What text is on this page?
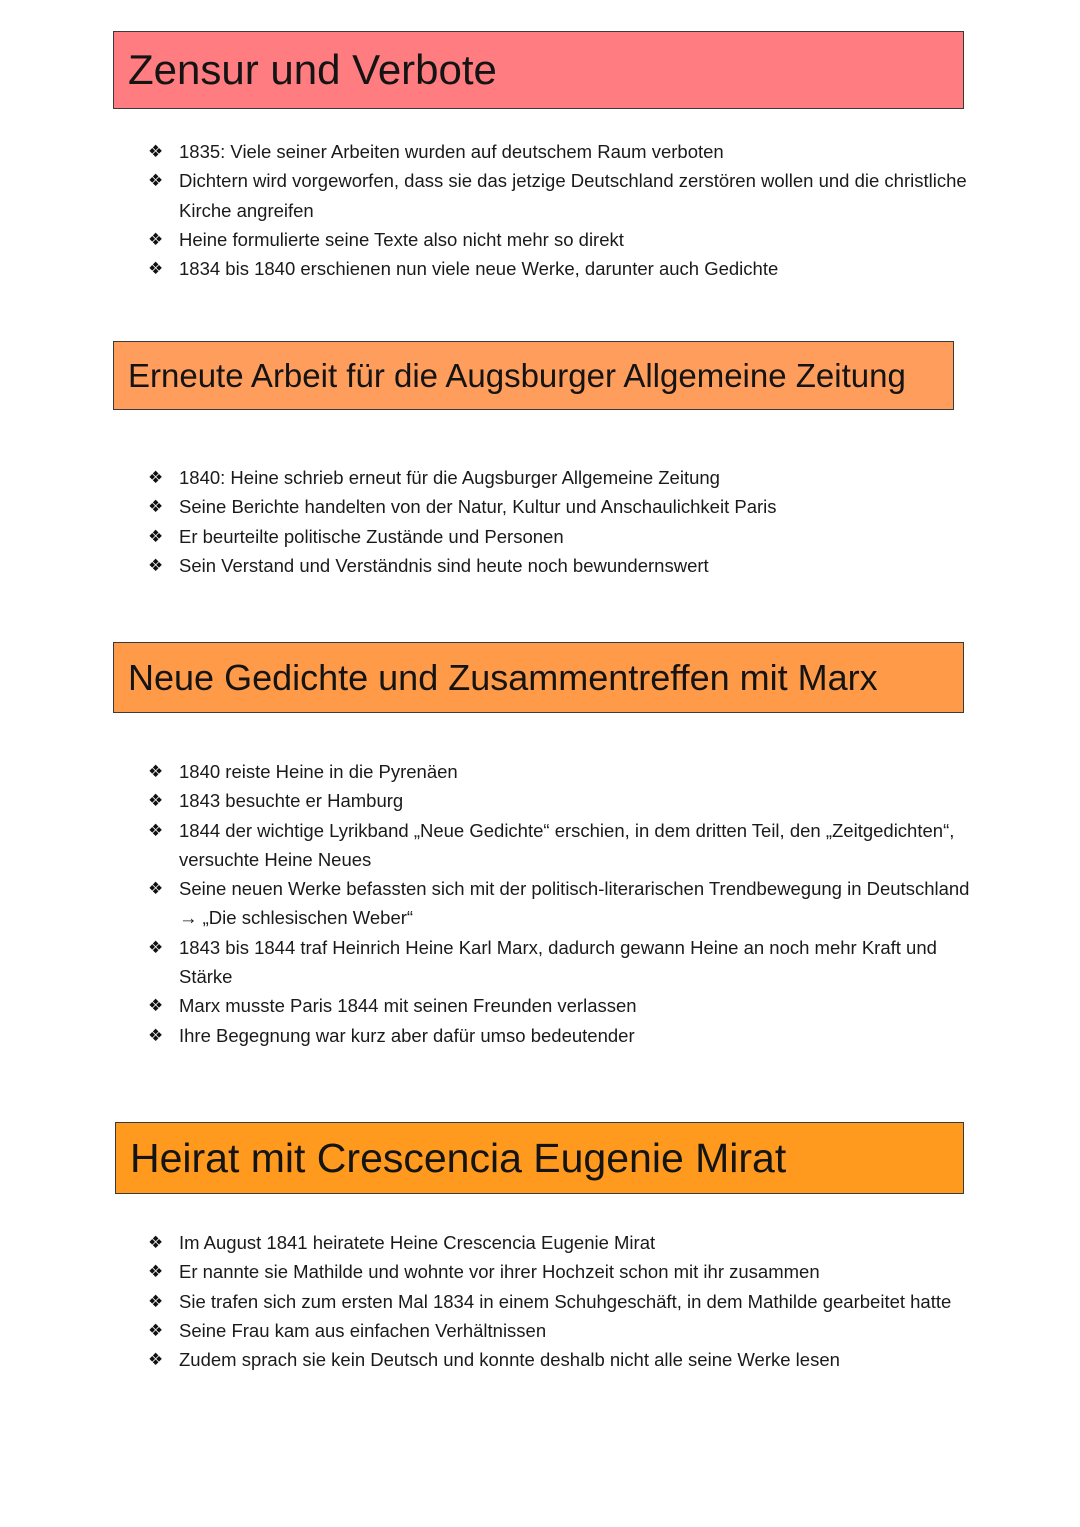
Zensur und Verbote
❖ 1835: Viele seiner Arbeiten wurden auf deutschem Raum verboten
❖ Dichtern wird vorgeworfen, dass sie das jetzige Deutschland zerstören wollen und die christliche Kirche angreifen
❖ Heine formulierte seine Texte also nicht mehr so direkt
❖ 1834 bis 1840 erschienen nun viele neue Werke, darunter auch Gedichte
Erneute Arbeit für die Augsburger Allgemeine Zeitung
❖ 1840: Heine schrieb erneut für die Augsburger Allgemeine Zeitung
❖ Seine Berichte handelten von der Natur, Kultur und Anschaulichkeit Paris
❖ Er beurteilte politische Zustände und Personen
❖ Sein Verstand und Verständnis sind heute noch bewundernswert
Neue Gedichte und Zusammentreffen mit Marx
❖ 1840 reiste Heine in die Pyrenäen
❖ 1843 besuchte er Hamburg
❖ 1844 der wichtige Lyrikband „Neue Gedichte“ erschien, in dem dritten Teil, den „Zeitgedichten“, versuchte Heine Neues
❖ Seine neuen Werke befassten sich mit der politisch-literarischen Trendbewegung in Deutschland → „Die schlesischen Weber“
❖ 1843 bis 1844 traf Heinrich Heine Karl Marx, dadurch gewann Heine an noch mehr Kraft und Stärke
❖ Marx musste Paris 1844 mit seinen Freunden verlassen
❖ Ihre Begegnung war kurz aber dafür umso bedeutender
Heirat mit Crescencia Eugenie Mirat
❖ Im August 1841 heiratete Heine Crescencia Eugenie Mirat
❖ Er nannte sie Mathilde und wohnte vor ihrer Hochzeit schon mit ihr zusammen
❖ Sie trafen sich zum ersten Mal 1834 in einem Schuhgeschäft, in dem Mathilde gearbeitet hatte
❖ Seine Frau kam aus einfachen Verhältnissen
❖ Zudem sprach sie kein Deutsch und konnte deshalb nicht alle seine Werke lesen
